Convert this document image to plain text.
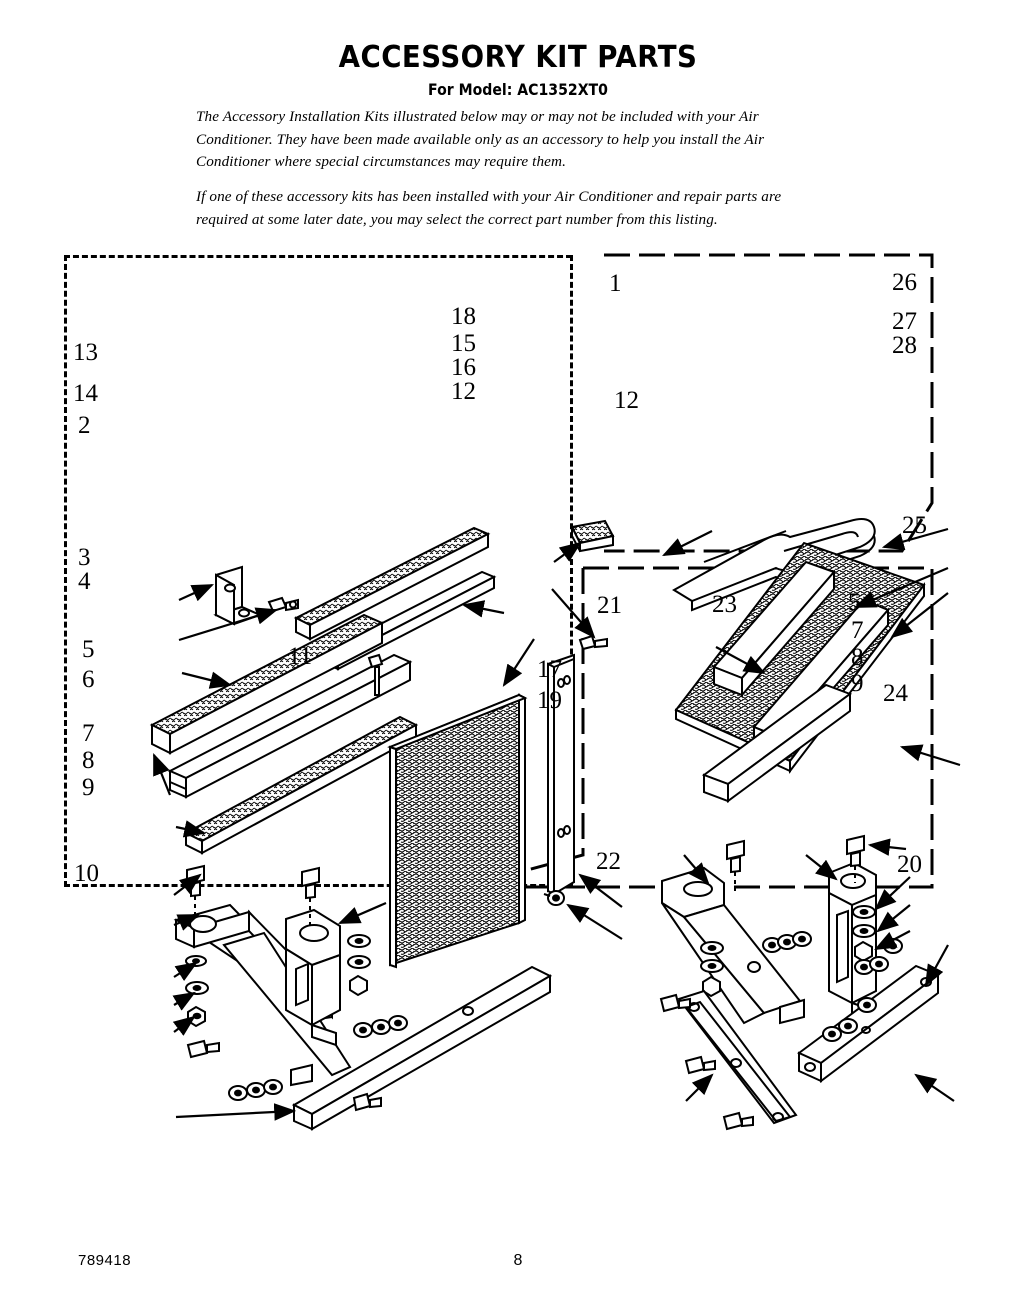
ACCESSORY KIT PARTS
For Model: AC1352XT0
The Accessory Installation Kits illustrated below may or may not be included with your Air Conditioner. They have been made available only as an accessory to help you install the Air Conditioner where special circumstances may require them.
If one of these accessory kits has been installed with your Air Conditioner and repair parts are required at some later date, you may select the correct part number from this listing.
1
13
14
2
3
4
18
15
16
12	12
26
27
28
25
5
6
7
8
9
10
11	17
19
21	23	5
7
8
9 24
22	20
789418	8
